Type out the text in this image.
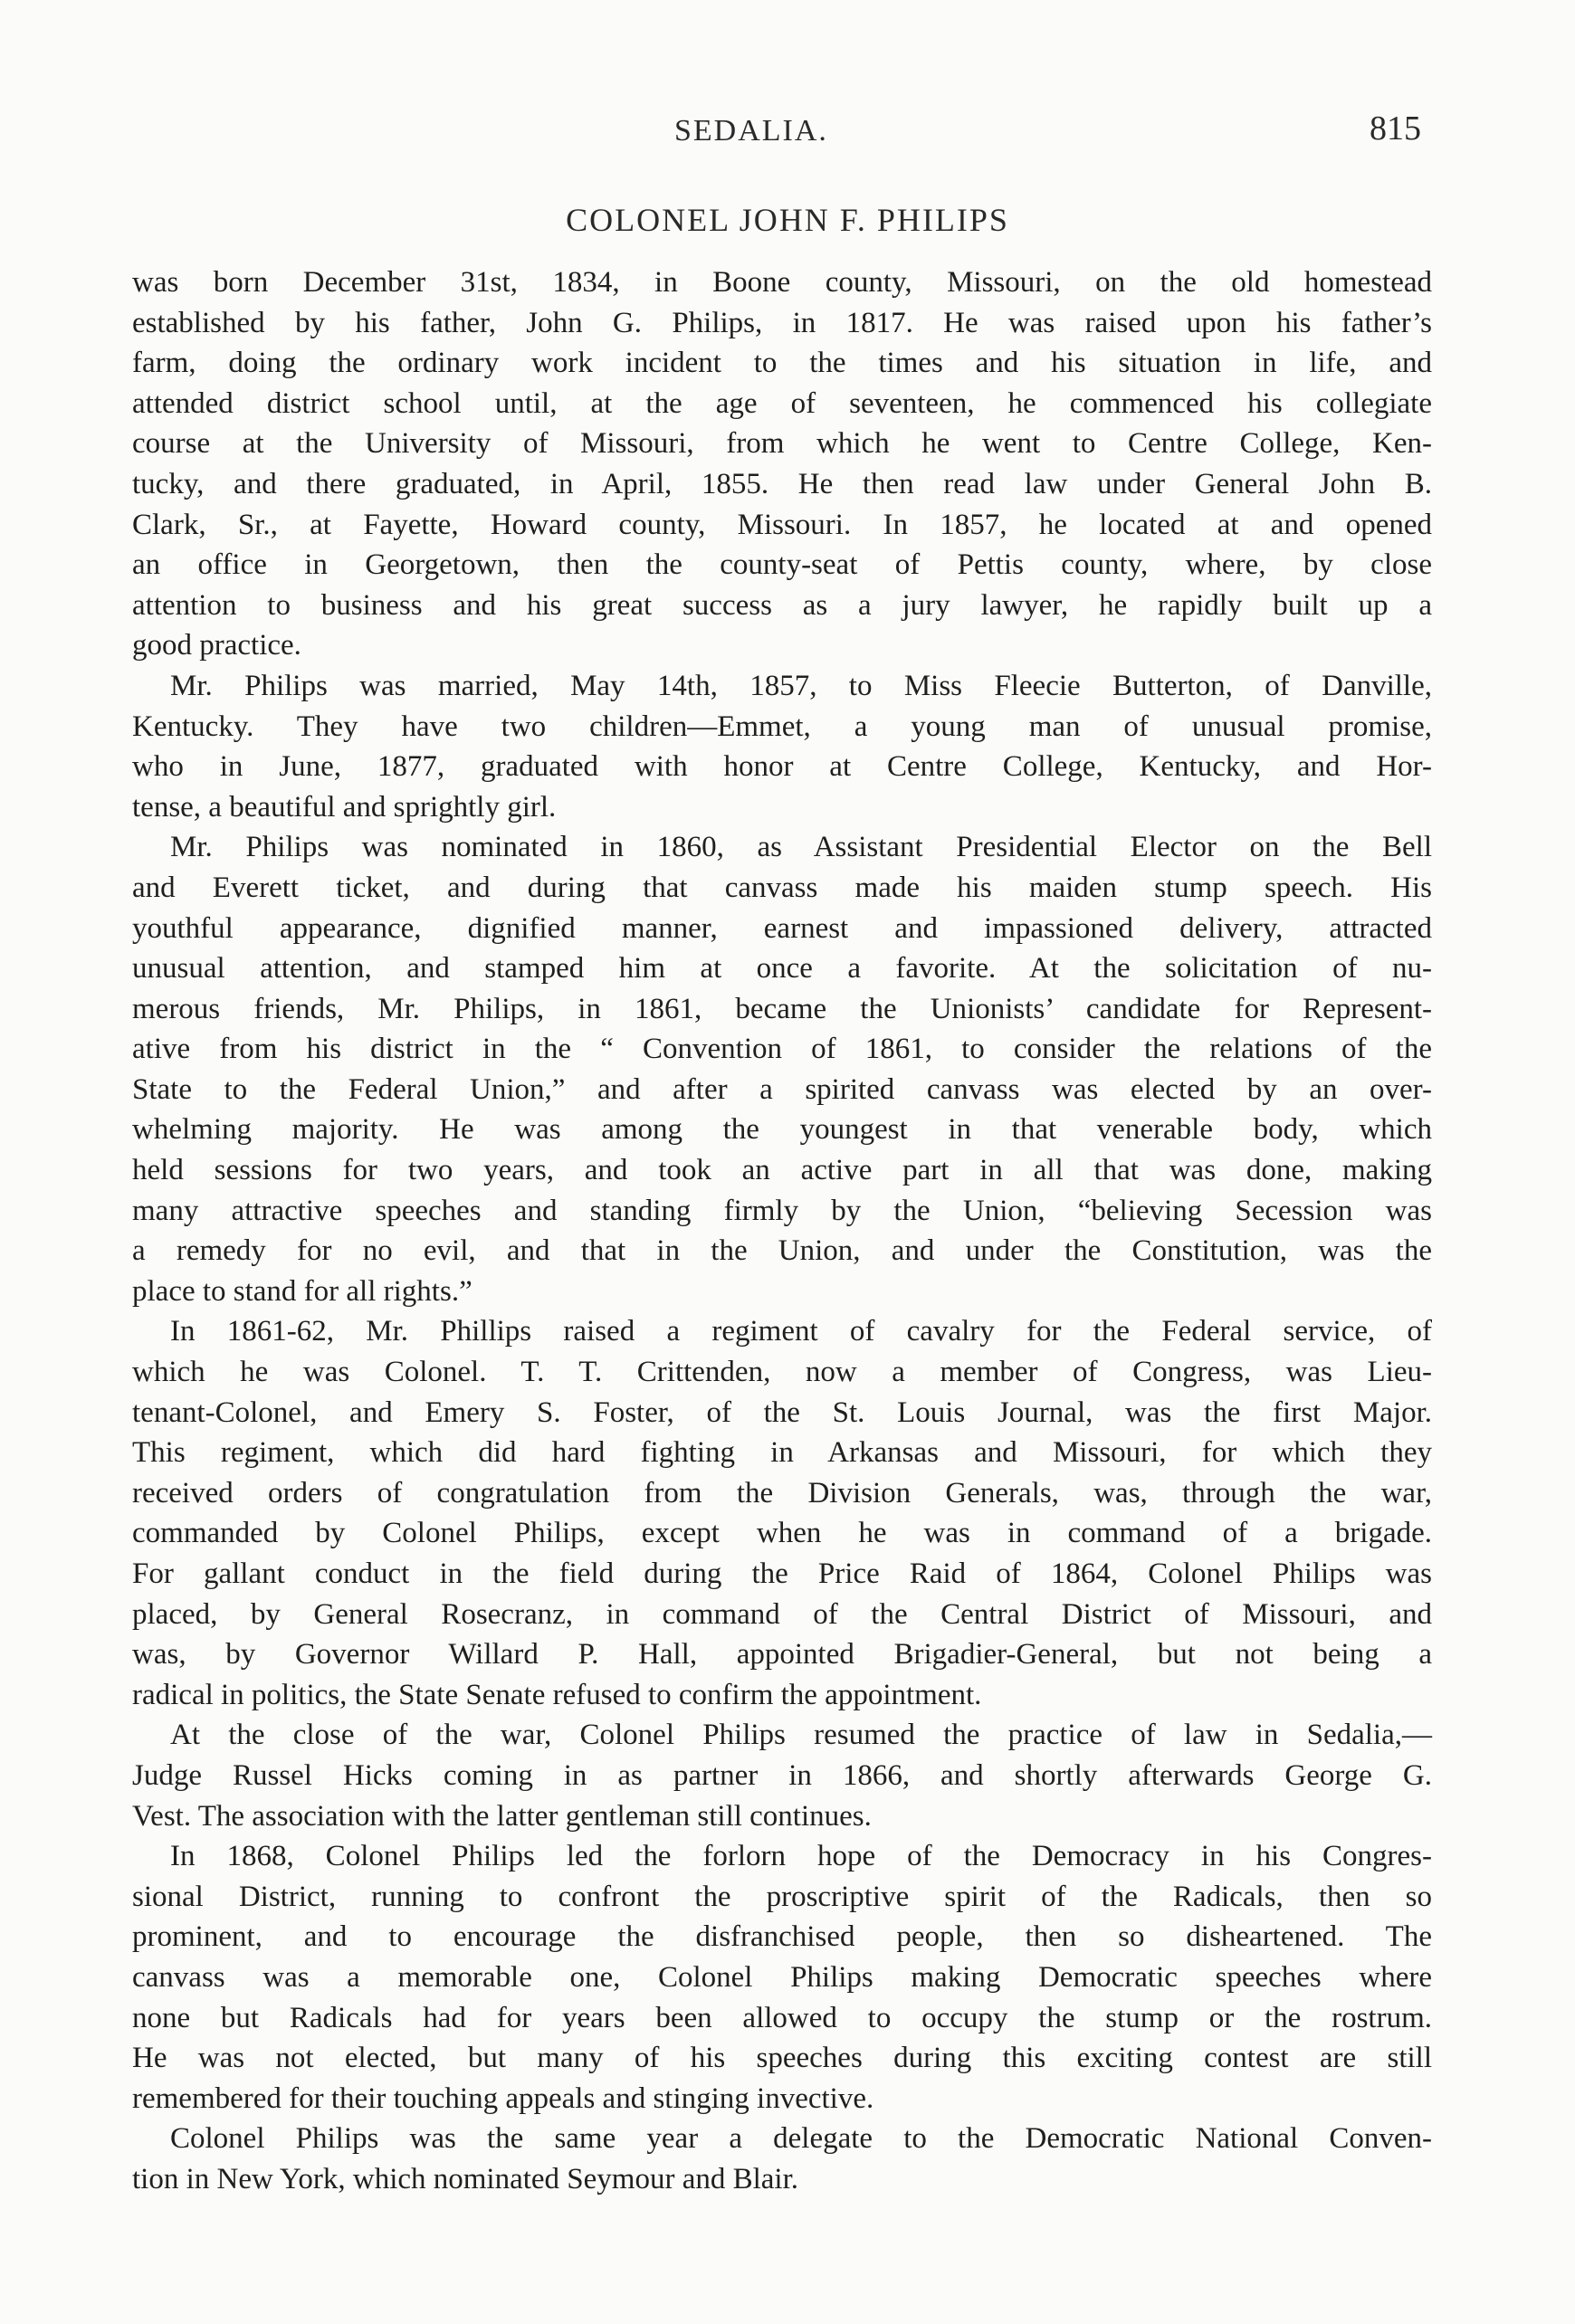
SEDALIA.	815
COLONEL JOHN F. PHILIPS
was born December 31st, 1834, in Boone county, Missouri, on the old homestead
established by his father, John G. Philips, in 1817. He was raised upon his father’s
farm, doing the ordinary work incident to the times and his situation in life, and
attended district school until, at the age of seventeen, he commenced his collegiate
course at the University of Missouri, from which he went to Centre College, Ken-
tucky, and there graduated, in April, 1855. He then read law under General John B.
Clark, Sr., at Fayette, Howard county, Missouri. In 1857, he located at and opened
an office in Georgetown, then the county-seat of Pettis county, where, by close
attention to business and his great success as a jury lawyer, he rapidly built up a
good practice.
Mr. Philips was married, May 14th, 1857, to Miss Fleecie Butterton, of Danville,
Kentucky. They have two children—Emmet, a young man of unusual promise,
who in June, 1877, graduated with honor at Centre College, Kentucky, and Hor-
tense, a beautiful and sprightly girl.
Mr. Philips was nominated in 1860, as Assistant Presidential Elector on the Bell
and Everett ticket, and during that canvass made his maiden stump speech. His
youthful appearance, dignified manner, earnest and impassioned delivery, attracted
unusual attention, and stamped him at once a favorite. At the solicitation of nu-
merous friends, Mr. Philips, in 1861, became the Unionists’ candidate for Represent-
ative from his district in the “ Convention of 1861, to consider the relations of the
State to the Federal Union,” and after a spirited canvass was elected by an over-
whelming majority. He was among the youngest in that venerable body, which
held sessions for two years, and took an active part in all that was done, making
many attractive speeches and standing firmly by the Union, “believing Secession was
a remedy for no evil, and that in the Union, and under the Constitution, was the
place to stand for all rights.”
In 1861-62, Mr. Phillips raised a regiment of cavalry for the Federal service, of
which he was Colonel. T. T. Crittenden, now a member of Congress, was Lieu-
tenant-Colonel, and Emery S. Foster, of the St. Louis Journal, was the first Major.
This regiment, which did hard fighting in Arkansas and Missouri, for which they
received orders of congratulation from the Division Generals, was, through the war,
commanded by Colonel Philips, except when he was in command of a brigade.
For gallant conduct in the field during the Price Raid of 1864, Colonel Philips was
placed, by General Rosecranz, in command of the Central District of Missouri, and
was, by Governor Willard P. Hall, appointed Brigadier-General, but not being a
radical in politics, the State Senate refused to confirm the appointment.
At the close of the war, Colonel Philips resumed the practice of law in Sedalia,—
Judge Russel Hicks coming in as partner in 1866, and shortly afterwards George G.
Vest. The association with the latter gentleman still continues.
In 1868, Colonel Philips led the forlorn hope of the Democracy in his Congres-
sional District, running to confront the proscriptive spirit of the Radicals, then so
prominent, and to encourage the disfranchised people, then so disheartened. The
canvass was a memorable one, Colonel Philips making Democratic speeches where
none but Radicals had for years been allowed to occupy the stump or the rostrum.
He was not elected, but many of his speeches during this exciting contest are still
remembered for their touching appeals and stinging invective.
Colonel Philips was the same year a delegate to the Democratic National Conven-
tion in New York, which nominated Seymour and Blair.
